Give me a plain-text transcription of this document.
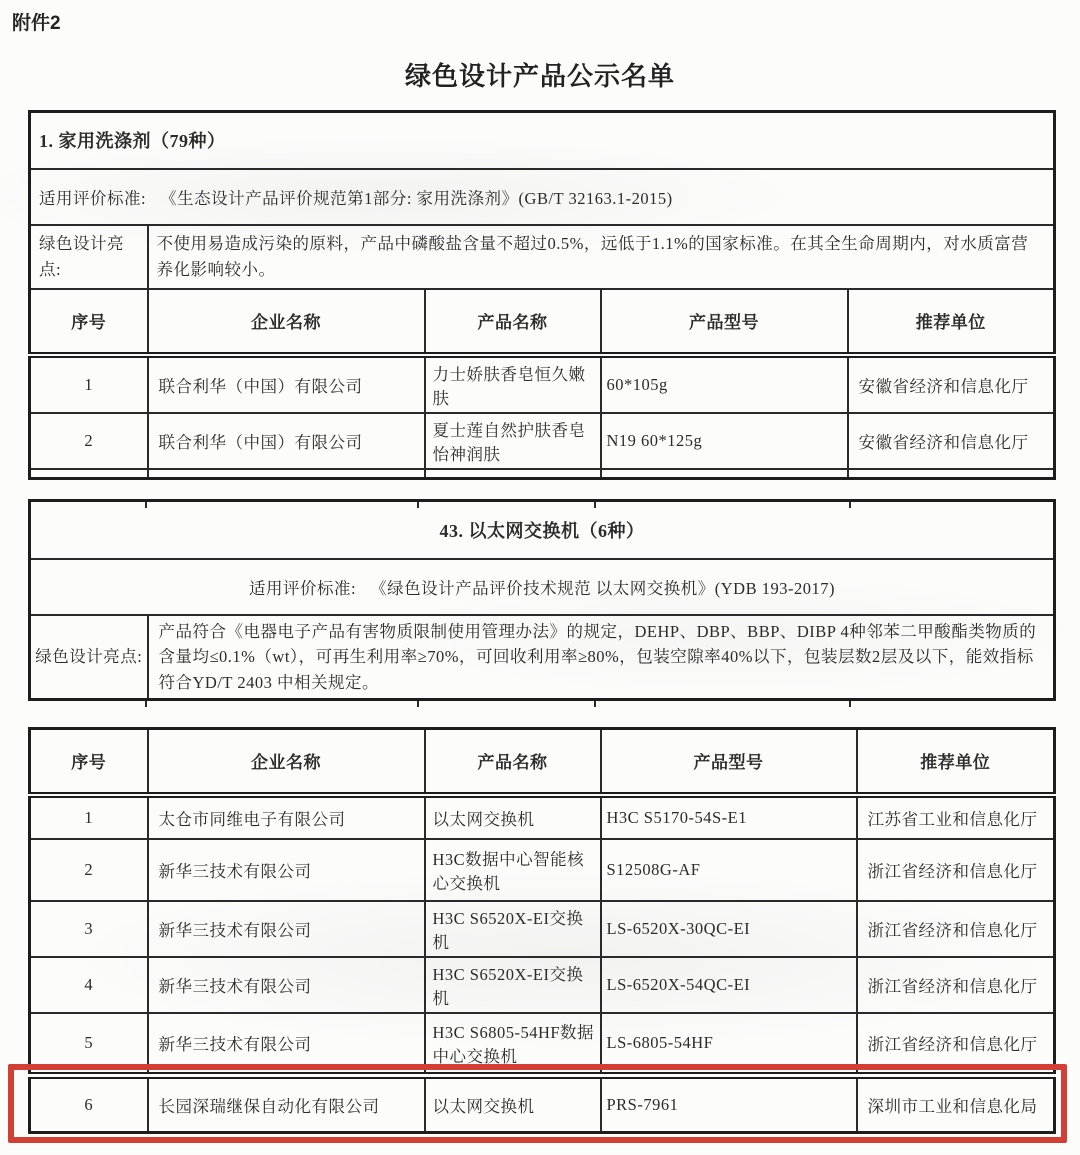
附件2
绿色设计产品公示名单
1. 家用洗涤剂（79种）				
适用评价标准: 《生态设计产品评价规范第1部分: 家用洗涤剂》(GB/T 32163.1-2015)				
绿色设计亮点:	不使用易造成污染的原料，产品中磷酸盐含量不超过0.5%，远低于1.1%的国家标准。在其全生命周期内，对水质富营养化影响较小。			
序号	企业名称	产品名称	产品型号	推荐单位
1	联合利华（中国）有限公司	力士娇肤香皂恒久嫩肤	60*105g	安徽省经济和信息化厅
2	联合利华（中国）有限公司	夏士莲自然护肤香皂怡神润肤	N19 60*125g	安徽省经济和信息化厅

43. 以太网交换机（6种）
适用评价标准: 《绿色设计产品评价技术规范 以太网交换机》(YDB 193-2017)
绿色设计亮点:	产品符合《电器电子产品有害物质限制使用管理办法》的规定，DEHP、DBP、BBP、DIBP 4种邻苯二甲酸酯类物质的含量均≤0.1%（wt），可再生利用率≥70%，可回收利用率≥80%，包装空隙率40%以下，包装层数2层及以下，能效指标符合YD/T 2403 中相关规定。
序号	企业名称	产品名称	产品型号	推荐单位
1	太仓市同维电子有限公司	以太网交换机	H3C S5170-54S-E1	江苏省工业和信息化厅
2	新华三技术有限公司	H3C数据中心智能核心交换机	S12508G-AF	浙江省经济和信息化厅
3	新华三技术有限公司	H3C S6520X-EI交换机	LS-6520X-30QC-EI	浙江省经济和信息化厅
4	新华三技术有限公司	H3C S6520X-EI交换机	LS-6520X-54QC-EI	浙江省经济和信息化厅
5	新华三技术有限公司	H3C S6805-54HF数据中心交换机	LS-6805-54HF	浙江省经济和信息化厅
6	长园深瑞继保自动化有限公司	以太网交换机	PRS-7961	深圳市工业和信息化局
